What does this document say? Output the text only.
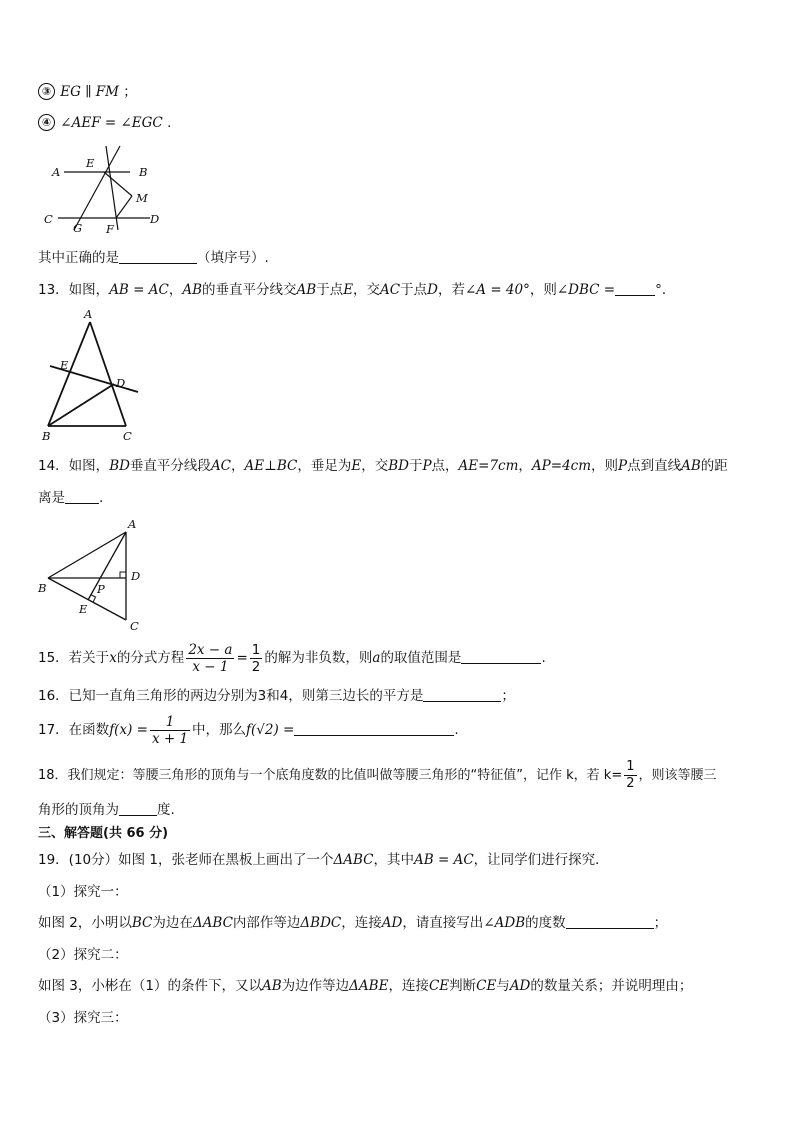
③ EG ∥ FM ；
④ ∠AEF = ∠EGC .
A
E
B
M
C
G F
D
其中正确的是	（填序号）.
13．如图，AB = AC，AB的垂直平分线交AB于点E，交AC于点D，若∠A = 40°，则∠DBC =	°．
A
E
D
B	C
14．如图，BD垂直平分线段AC，AE⊥BC，垂足为E，交BD于P点，AE=7cm，AP=4cm，则P点到直线AB的距
离是	.
A
D
B	P
E
C
15．若关于x的分式方程 $\frac{2x - a}{x - 1} = \frac{1}{2}$ 的解为非负数，则a的取值范围是	.
16．已知一直角三角形的两边分别为3和4，则第三边长的平方是	；
17．在函数$f(x) = \frac{1}{x + 1}$ 中，那么f(√2) =	.
18．我们规定：等腰三角形的顶角与一个底角度数的比值叫做等腰三角形的“特征值”，记作 k，若 $k= \frac{1}{2}$ ，则该等腰三
角形的顶角为	度.
三、解答题(共 66 分)
19．(10分）如图 1，张老师在黑板上画出了一个ΔABC，其中AB = AC，让同学们进行探究．
（1）探究一：
如图 2，小明以BC为边在ΔABC内部作等边ΔBDC，连接AD，请直接写出∠ADB的度数	；
（2）探究二：
如图 3，小彬在（1）的条件下，又以AB为边作等边ΔABE，连接CE判断CE与AD的数量关系；并说明理由；
（3）探究三：
